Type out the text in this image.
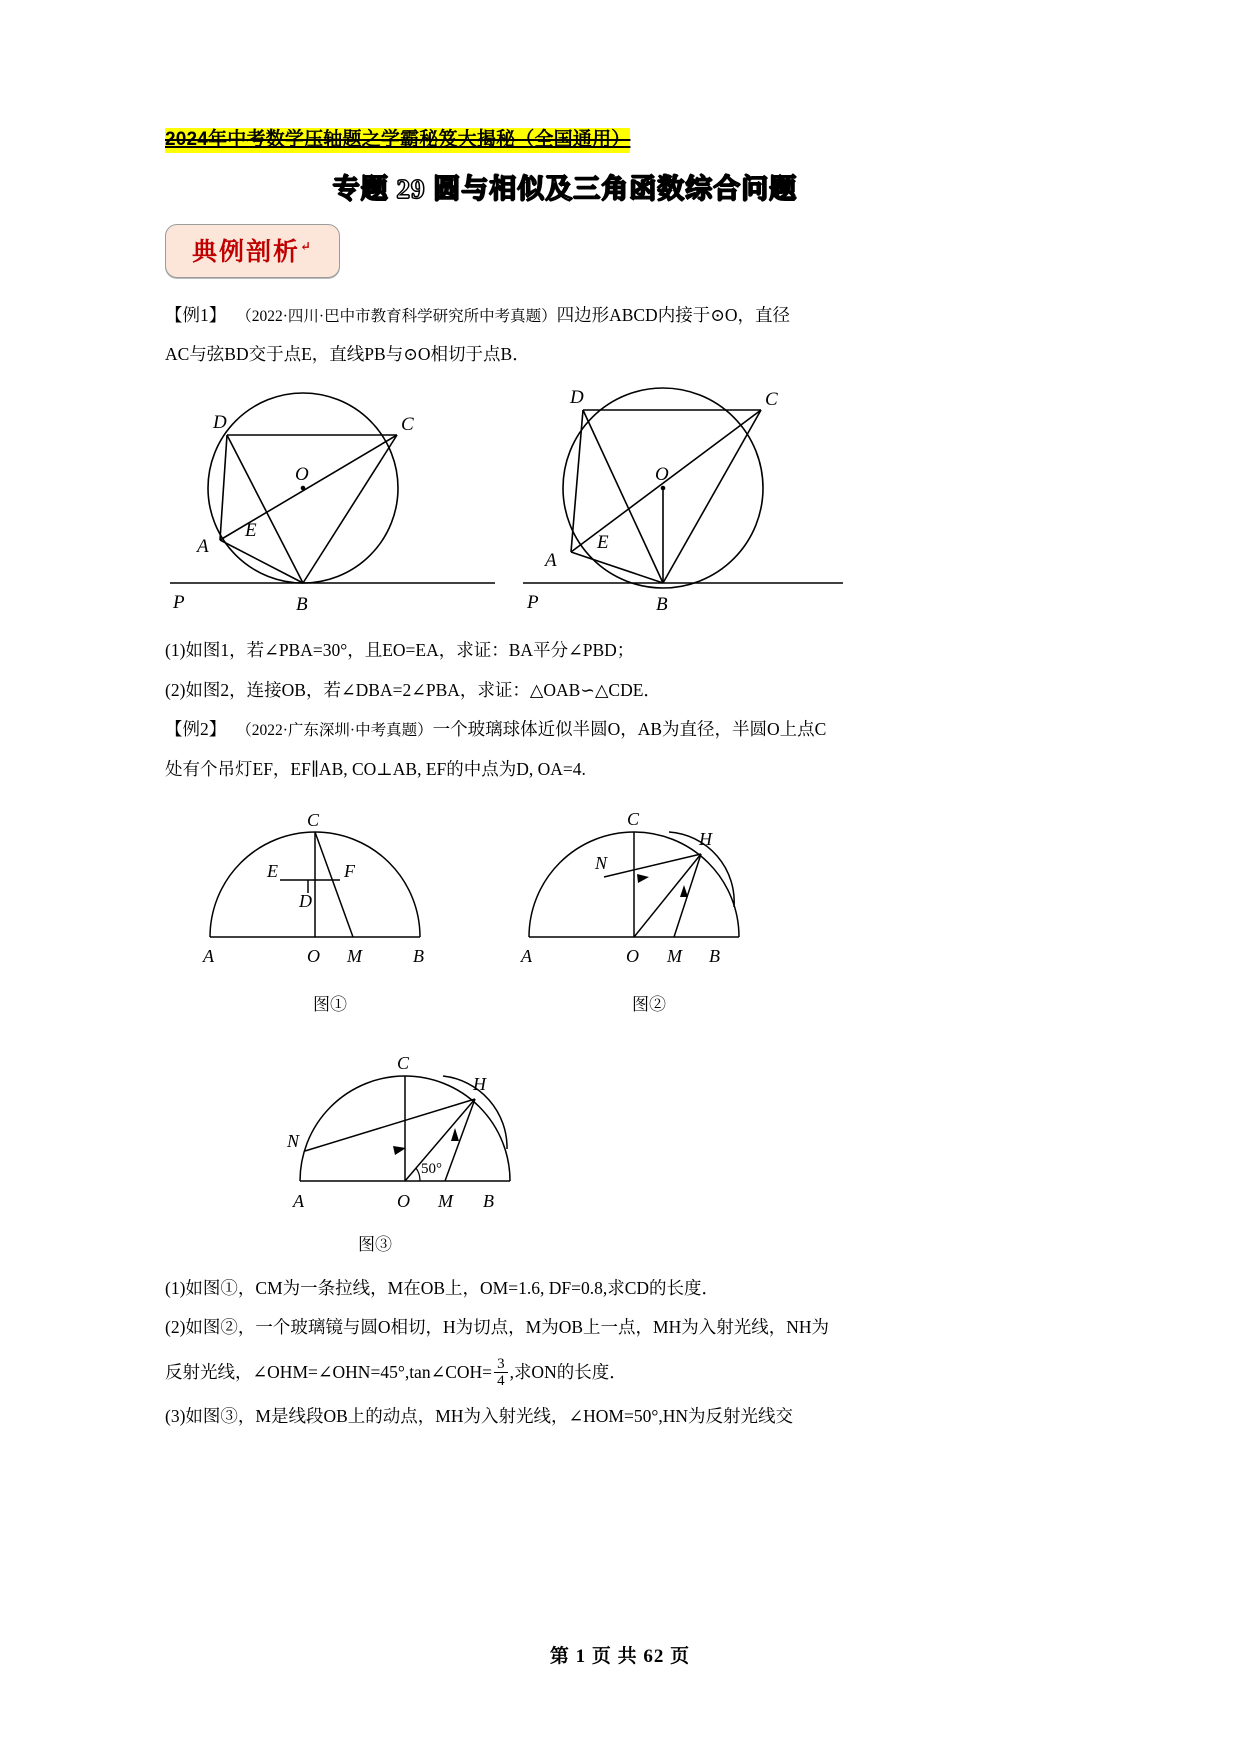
2024年中考数学压轴题之学霸秘笈大揭秘（全国通用）
专题 29 圆与相似及三角函数综合问题
典例剖析↵

【例1】 （2022·四川·巴中市教育科学研究所中考真题）四边形ABCD内接于⊙O，直径

AC与弦BD交于点E，直线PB与⊙O相切于点B．

D	C
O
E
A
P	B
D	C
O
E
A
P	B

(1)如图1，若∠PBA=30°，且EO=EA，求证：BA平分∠PBD；

(2)如图2，连接OB，若∠DBA=2∠PBA，求证：△OAB∽△CDE．

【例2】 （2022·广东深圳·中考真题）一个玻璃球体近似半圆O，AB为直径，半圆O上点C

处有个吊灯EF，EF∥AB, CO⊥AB, EF的中点为D, OA=4.

C
E	F
D
A	O M	B
图①
C
H
N
A	O M B
图②
C
H
N
A	O M B
50°
图③

(1)如图①，CM为一条拉线，M在OB上，OM=1.6, DF=0.8,求CD的长度．

(2)如图②，一个玻璃镜与圆O相切，H为切点，M为OB上一点，MH为入射光线，NH为

反射光线，∠OHM=∠OHN=45°,tan∠COH= $\frac{3}{4}$ ,求ON的长度．

(3)如图③，M是线段OB上的动点，MH为入射光线，∠HOM=50°,HN为反射光线交

第 1 页 共 62 页
